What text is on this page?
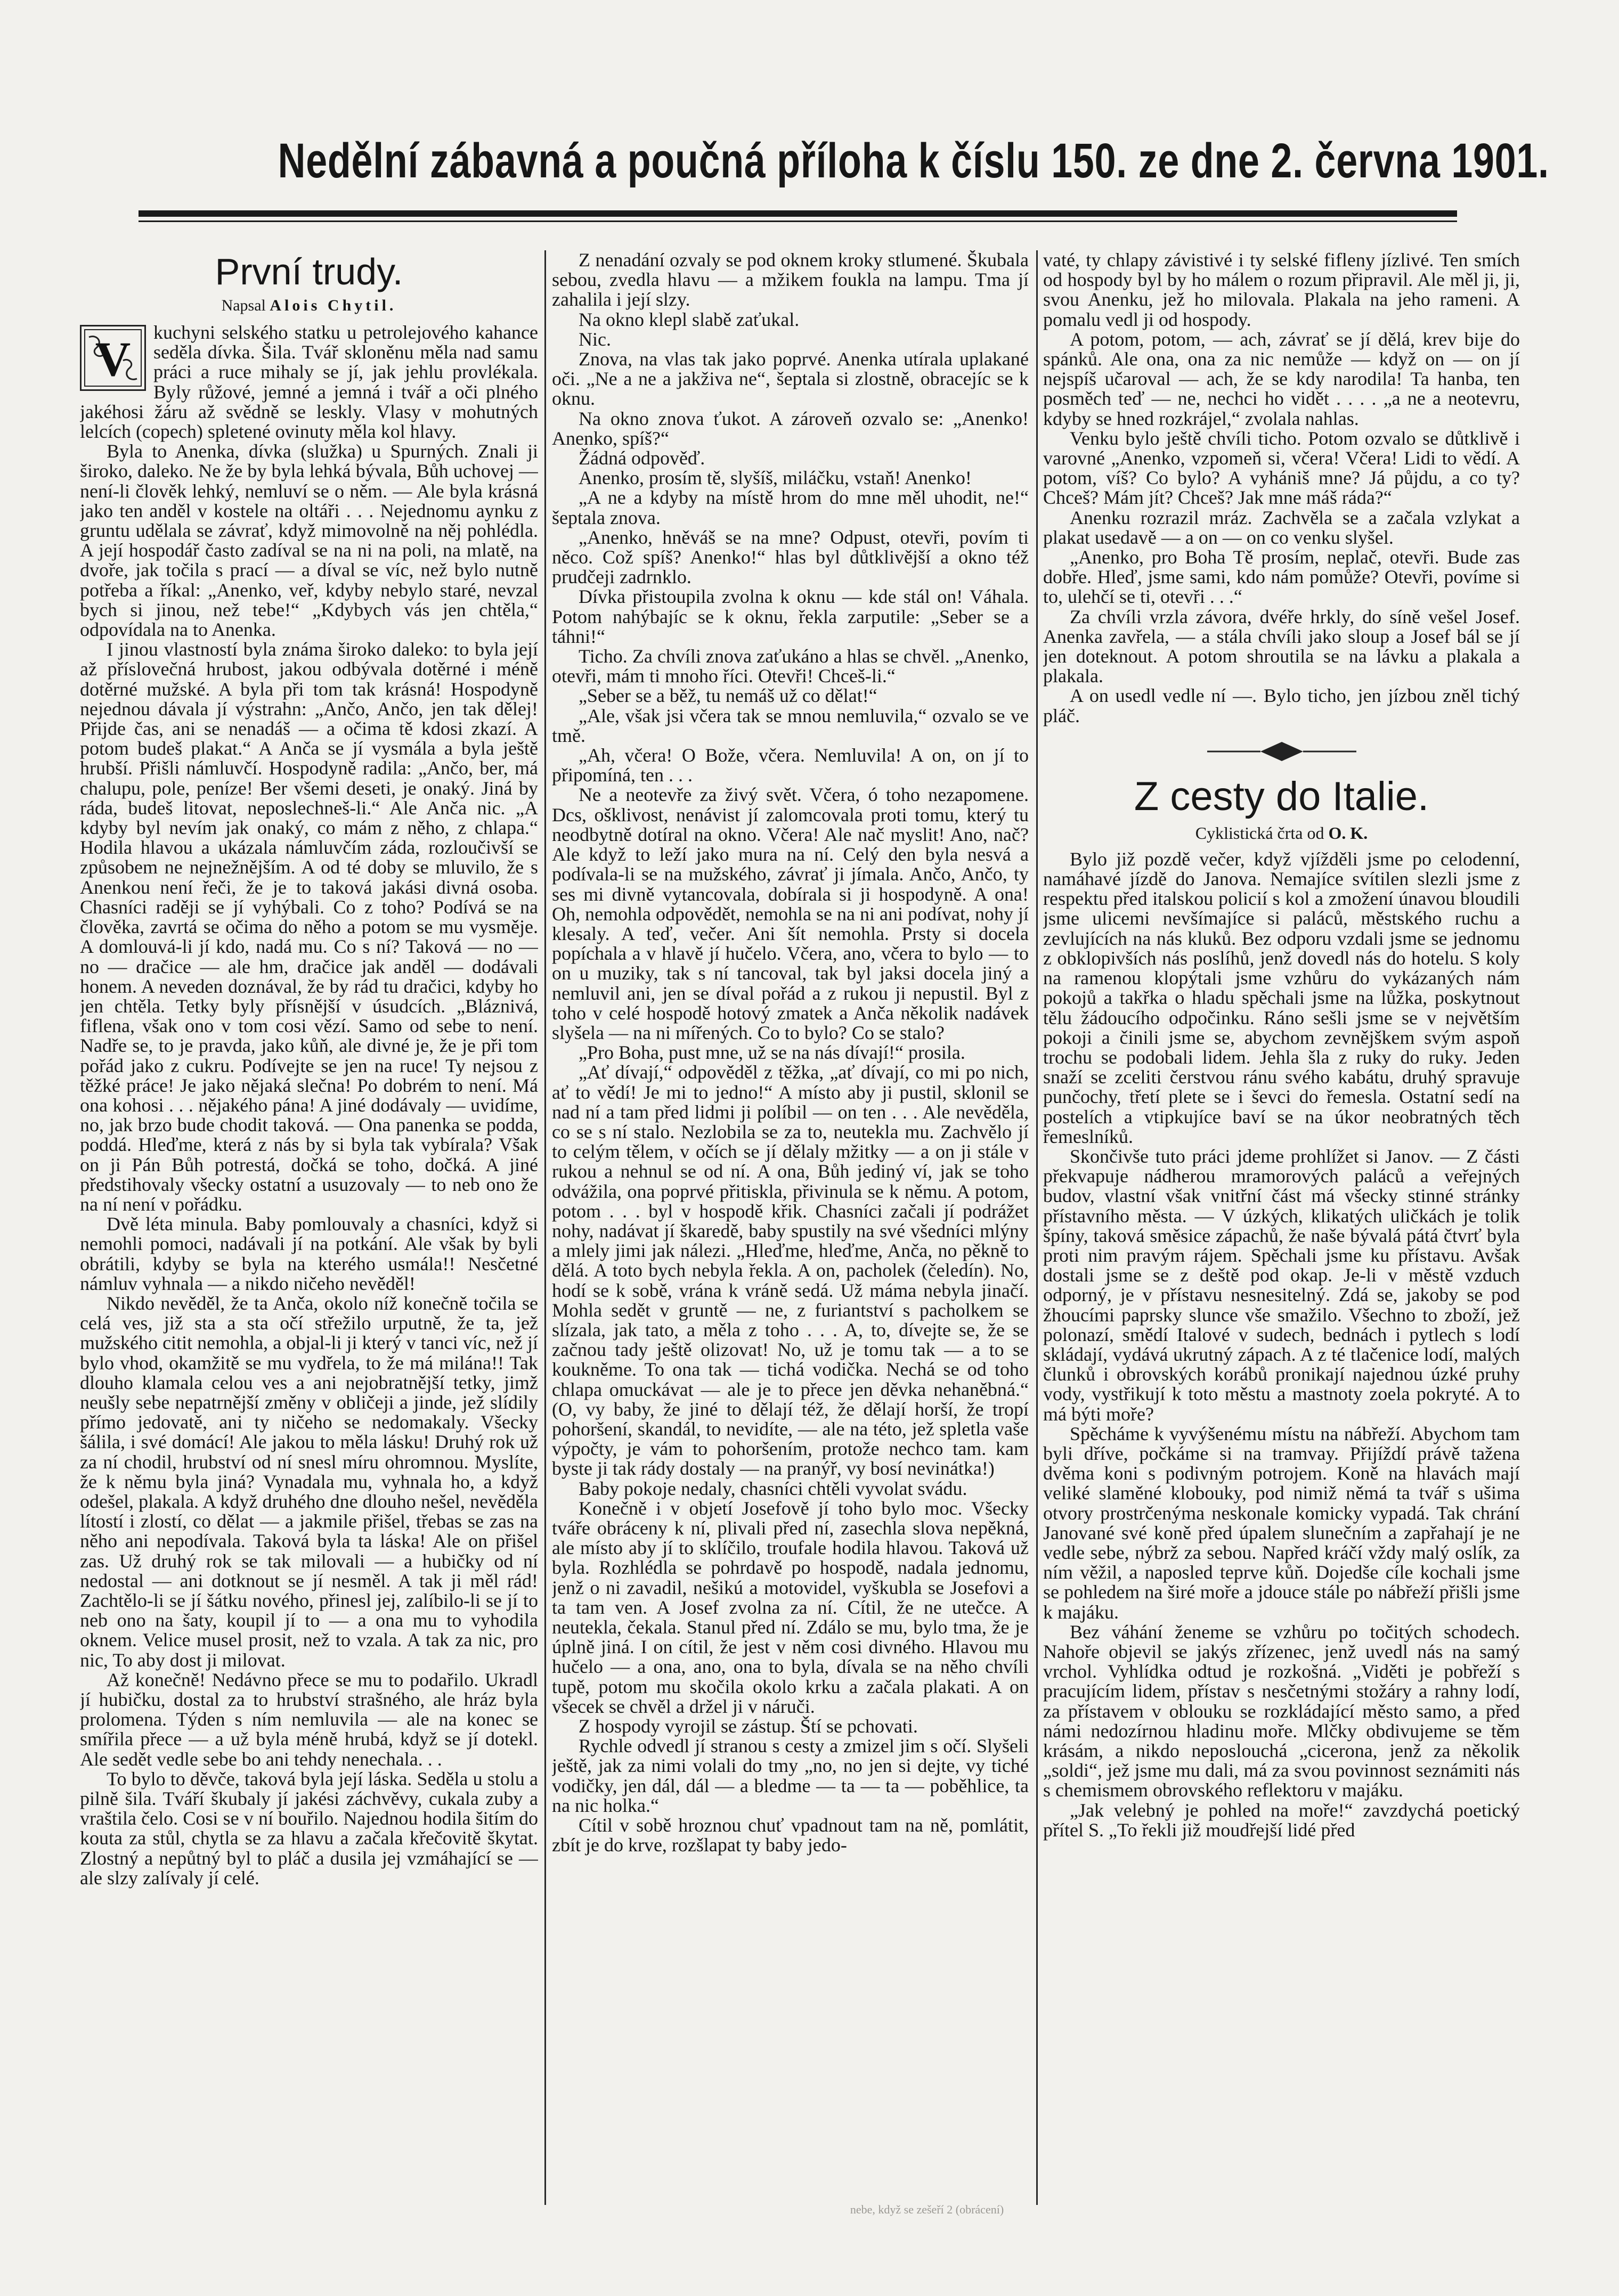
Nedělní zábavná a poučná příloha k číslu 150. ze dne 2. června 1901.
První trudy.
Napsal Alois Chytil.
V	kuchyni selského statku u petrolejového kahance seděla dívka. Šila. Tvář skloněnu měla nad samu práci a ruce mihaly se jí, jak jehlu provlékala. Byly růžové, jemné a jemná i tvář a oči plného jakéhosi žáru až svědně se leskly. Vlasy v mohutných lelcích (copech) spletené ovinuty měla kol hlavy.

Byla to Anenka, dívka (služka) u Spurných. Znali ji široko, daleko. Ne že by byla lehká bývala, Bůh uchovej — není-li člověk lehký, nemluví se o něm. — Ale byla krásná jako ten anděl v kostele na oltáři . . . Nejednomu aynku z gruntu udělala se závrať, když mimovolně na něj pohlédla. A její hospodář často zadíval se na ni na poli, na mlatě, na dvoře, jak točila s prací — a díval se víc, než bylo nutně potřeba a říkal: „Anenko, veř, kdyby nebylo staré, nevzal bych si jinou, než tebe!“ „Kdybych vás jen chtěla,“ odpovídala na to Anenka.

I jinou vlastností byla známa široko daleko: to byla její až příslovečná hrubost, jakou odbývala dotěrné i méně dotěrné mužské. A byla při tom tak krásná! Hospodyně nejednou dávala jí výstrahn: „Ančo, Ančo, jen tak dělej! Přijde čas, ani se nenadáš — a očima tě kdosi zkazí. A potom budeš plakat.“ A Anča se jí vysmála a byla ještě hrubší. Přišli námluvčí. Hospodyně radila: „Ančo, ber, má chalupu, pole, peníze! Ber všemi deseti, je onaký. Jiná by ráda, budeš litovat, neposlechneš-li.“ Ale Anča nic. „A kdyby byl nevím jak onaký, co mám z něho, z chlapa.“ Hodila hlavou a ukázala námluvčím záda, rozloučivší se způsobem ne nejnežnějším. A od té doby se mluvilo, že s Anenkou není řeči, že je to taková jakási divná osoba. Chasníci raději se jí vyhýbali. Co z toho? Podívá se na člověka, zavrtá se očima do něho a potom se mu vysměje. A domlouvá-li jí kdo, nadá mu. Co s ní? Taková — no — no — dračice — ale hm, dračice jak anděl — dodávali honem. A neveden doznával, že by rád tu dračici, kdyby ho jen chtěla. Tetky byly přísnější v úsudcích. „Bláznivá, fiflena, však ono v tom cosi vězí. Samo od sebe to není. Nadře se, to je pravda, jako kůň, ale divné je, že je při tom pořád jako z cukru. Podívejte se jen na ruce! Ty nejsou z těžké práce! Je jako nějaká slečna! Po dobrém to není. Má ona kohosi . . . nějakého pána! A jiné dodávaly — uvidíme, no, jak brzo bude chodit taková. — Ona panenka se podda, poddá. Hleďme, která z nás by si byla tak vybírala? Však on ji Pán Bůh potrestá, dočká se toho, dočká. A jiné předstihovaly všecky ostatní a usuzovaly — to neb ono že na ní není v pořádku.

Dvě léta minula. Baby pomlouvaly a chasníci, když si nemohli pomoci, nadávali jí na potkání. Ale však by byli obrátili, kdyby se byla na kterého usmála!! Nesčetné námluv vyhnala — a nikdo ničeho nevěděl!

Nikdo nevěděl, že ta Anča, okolo níž konečně točila se celá ves, již sta a sta očí střežilo urputně, že ta, jež mužského citit nemohla, a objal-li ji který v tanci víc, než jí bylo vhod, okamžitě se mu vydřela, to že má milána!! Tak dlouho klamala celou ves a ani nejobratnější tetky, jimž neušly sebe nepatrnější změny v obličeji a jinde, jež slídily přímo jedovatě, ani ty ničeho se nedomakaly. Všecky šálila, i své domácí! Ale jakou to měla lásku! Druhý rok už za ní chodil, hrubství od ní snesl míru ohromnou. Myslíte, že k němu byla jiná? Vynadala mu, vyhnala ho, a když odešel, plakala. A když druhého dne dlouho nešel, nevěděla lítostí i zlostí, co dělat — a jakmile přišel, třebas se zas na něho ani nepodívala. Taková byla ta láska! Ale on přišel zas. Už druhý rok se tak milovali — a hubičky od ní nedostal — ani dotknout se jí nesměl. A tak ji měl rád! Zachtělo-li se jí šátku nového, přinesl jej, zalíbilo-li se jí to neb ono na šaty, koupil jí to — a ona mu to vyhodila oknem. Velice musel prosit, než to vzala. A tak za nic, pro nic, To aby dost ji milovat.

Až konečně! Nedávno přece se mu to podařilo. Ukradl jí hubičku, dostal za to hrubství strašného, ale hráz byla prolomena. Týden s ním nemluvila — ale na konec se smířila přece — a už byla méně hrubá, když se jí dotekl. Ale sedět vedle sebe bo ani tehdy nenechala. . .

To bylo to děvče, taková byla její láska. Seděla u stolu a pilně šila. Tváří škubaly jí jakési záchvěvy, cukala zuby a vraštila čelo. Cosi se v ní bouřilo. Najednou hodila šitím do kouta za stůl, chytla se za hlavu a začala křečovitě škytat. Zlostný a nepůtný byl to pláč a dusila jej vzmáhající se — ale slzy zalívaly jí celé.

Z nenadání ozvaly se pod oknem kroky stlumené. Škubala sebou, zvedla hlavu — a mžikem foukla na lampu. Tma jí zahalila i její slzy.

Na okno klepl slabě zaťukal.

Nic.

Znova, na vlas tak jako poprvé. Anenka utírala uplakané oči. „Ne a ne a jakživa ne“, šeptala si zlostně, obracejíc se k oknu.

Na okno znova ťukot. A zároveň ozvalo se: „Anenko! Anenko, spíš?“

Žádná odpověď.

Anenko, prosím tě, slyšíš, miláčku, vstaň! Anenko!

„A ne a kdyby na místě hrom do mne měl uhodit, ne!“ šeptala znova.

„Anenko, hněváš se na mne? Odpust, otevři, povím ti něco. Což spíš? Anenko!“ hlas byl důtklivější a okno též prudčeji zadrnklo.

Dívka přistoupila zvolna k oknu — kde stál on! Váhala. Potom nahýbajíc se k oknu, řekla zarputile: „Seber se a táhni!“

Ticho. Za chvíli znova zaťukáno a hlas se chvěl. „Anenko, otevři, mám ti mnoho říci. Otevři! Chceš-li.“

„Seber se a běž, tu nemáš už co dělat!“

„Ale, však jsi včera tak se mnou nemluvila,“ ozvalo se ve tmě.

„Ah, včera! O Bože, včera. Nemluvila! A on, on jí to připomíná, ten . . .

Ne a neotevře za živý svět. Včera, ó toho nezapomene. Dcs, ošklivost, nenávist jí zalomcovala proti tomu, který tu neodbytně dotíral na okno. Včera! Ale nač myslit! Ano, nač? Ale když to leží jako mura na ní. Celý den byla nesvá a podívala-li se na mužského, závrať ji jímala. Ančo, Ančo, ty ses mi divně vytancovala, dobírala si ji hospodyně. A ona! Oh, nemohla odpovědět, nemohla se na ni ani podívat, nohy jí klesaly. A teď, večer. Ani šít nemohla. Prsty si docela popíchala a v hlavě jí hučelo. Včera, ano, včera to bylo — to on u muziky, tak s ní tancoval, tak byl jaksi docela jiný a nemluvil ani, jen se díval pořád a z rukou ji nepustil. Byl z toho v celé hospodě hotový zmatek a Anča několik nadávek slyšela — na ni mířených. Co to bylo? Co se stalo?

„Pro Boha, pust mne, už se na nás dívají!“ prosila.

„Ať dívají,“ odpověděl z těžka, „ať dívají, co mi po nich, ať to vědí! Je mi to jedno!“ A místo aby ji pustil, sklonil se nad ní a tam před lidmi ji políbil — on ten . . . Ale nevěděla, co se s ní stalo. Nezlobila se za to, neutekla mu. Zachvělo jí to celým tělem, v očích se jí dělaly mžitky — a on ji stále v rukou a nehnul se od ní. A ona, Bůh jediný ví, jak se toho odvážila, ona poprvé přitiskla, přivinula se k němu. A potom, potom . . . byl v hospodě křik. Chasníci začali jí podrážet nohy, nadávat jí škaredě, baby spustily na své všedníci mlýny a mlely jimi jak nálezi. „Hleďme, hleďme, Anča, no pěkně to dělá. A toto bych nebyla řekla. A on, pacholek (čeledín). No, hodí se k sobě, vrána k vráně sedá. Už máma nebyla jinačí. Mohla sedět v gruntě — ne, z furiantství s pacholkem se slízala, jak tato, a měla z toho . . . A, to, dívejte se, že se začnou tady ještě olizovat! No, už je tomu tak — a to se koukněme. To ona tak — tichá vodička. Nechá se od toho chlapa omuckávat — ale je to přece jen děvka nehaněbná.“ (O, vy baby, že jiné to dělají též, že dělají horší, že tropí pohoršení, skandál, to nevidíte, — ale na této, jež spletla vaše výpočty, je vám to pohoršením, protože nechco tam. kam byste ji tak rády dostaly — na pranýř, vy bosí nevinátka!)

Baby pokoje nedaly, chasníci chtěli vyvolat svádu.

Konečně i v objetí Josefově jí toho bylo moc. Všecky tváře obráceny k ní, plivali před ní, zasechla slova nepěkná, ale místo aby jí to sklíčilo, troufale hodila hlavou. Taková už byla. Rozhlédla se pohrdavě po hospodě, nadala jednomu, jenž o ni zavadil, nešikú a motovidel, vyškubla se Josefovi a ta tam ven. A Josef zvolna za ní. Cítil, že ne utečce. A neutekla, čekala. Stanul před ní. Zdálo se mu, bylo tma, že je úplně jiná. I on cítil, že jest v něm cosi divného. Hlavou mu hučelo — a ona, ano, ona to byla, dívala se na něho chvíli tupě, potom mu skočila okolo krku a začala plakati. A on všecek se chvěl a držel ji v náruči.

Z hospody vyrojil se zástup. Ští se pchovati.

Rychle odvedl jí stranou s cesty a zmizel jim s očí. Slyšeli ještě, jak za nimi volali do tmy „no, no jen si dejte, vy tiché vodičky, jen dál, dál — a bledme — ta — ta — poběhlice, ta na nic holka.“

Cítil v sobě hroznou chuť vpadnout tam na ně, pomlátit, zbít je do krve, rozšlapat ty baby jedo-

vaté, ty chlapy závistivé i ty selské fifleny jízlivé. Ten smích od hospody byl by ho málem o rozum připravil. Ale měl ji, ji, svou Anenku, jež ho milovala. Plakala na jeho rameni. A pomalu vedl ji od hospody.

A potom, potom, — ach, závrať se jí dělá, krev bije do spánků. Ale ona, ona za nic nemůže — když on — on jí nejspíš učaroval — ach, že se kdy narodila! Ta hanba, ten posměch teď — ne, nechci ho vidět . . . . „a ne a neotevru, kdyby se hned rozkrájel,“ zvolala nahlas.

Venku bylo ještě chvíli ticho. Potom ozvalo se důtklivě i varovné „Anenko, vzpomeň si, včera! Včera! Lidi to vědí. A potom, víš? Co bylo? A vyhániš mne? Já půjdu, a co ty? Chceš? Mám jít? Chceš? Jak mne máš ráda?“

Anenku rozrazil mráz. Zachvěla se a začala vzlykat a plakat usedavě — a on — on co venku slyšel.

„Anenko, pro Boha Tě prosím, neplač, otevři. Bude zas dobře. Hleď, jsme sami, kdo nám pomůže? Otevři, povíme si to, ulehčí se ti, otevři . . .“

Za chvíli vrzla závora, dvéře hrkly, do síně vešel Josef. Anenka zavřela, — a stála chvíli jako sloup a Josef bál se jí jen doteknout. A potom shroutila se na lávku a plakala a plakala.

A on usedl vedle ní —. Bylo ticho, jen jízbou zněl tichý pláč.

Z cesty do Italie.
Cyklistická črta od O. K.

Bylo již pozdě večer, když vjížděli jsme po celodenní, namáhavé jízdě do Janova. Nemajíce svítilen slezli jsme z respektu před italskou policií s kol a zmožení únavou bloudili jsme ulicemi nevšímajíce si paláců, městského ruchu a zevlujících na nás kluků. Bez odporu vzdali jsme se jednomu z obklopivších nás poslíhů, jenž dovedl nás do hotelu. S koly na ramenou klopýtali jsme vzhůru do vykázaných nám pokojů a takřka o hladu spěchali jsme na lůžka, poskytnout tělu žádoucího odpočinku. Ráno sešli jsme se v největším pokoji a činili jsme se, abychom zevnějškem svým aspoň trochu se podobali lidem. Jehla šla z ruky do ruky. Jeden snaží se zceliti čerstvou ránu svého kabátu, druhý spravuje punčochy, třetí plete se i ševci do řemesla. Ostatní sedí na postelích a vtipkujíce baví se na úkor neobratných těch řemeslníků.

Skončivše tuto práci jdeme prohlížet si Janov. — Z části překvapuje nádherou mramorových paláců a veřejných budov, vlastní však vnitřní část má všecky stinné stránky přístavního města. — V úzkých, klikatých uličkách je tolik špíny, taková směsice zápachů, že naše bývalá pátá čtvrť byla proti nim pravým rájem. Spěchali jsme ku přístavu. Avšak dostali jsme se z deště pod okap. Je-li v městě vzduch odporný, je v přístavu nesnesitelný. Zdá se, jakoby se pod žhoucími paprsky slunce vše smažilo. Všechno to zboží, jež polonazí, smědí Italové v sudech, bednách i pytlech s lodí skládají, vydává ukrutný zápach. A z té tlačenice lodí, malých člunků i obrovských korábů pronikají najednou úzké pruhy vody, vystřikují k toto městu a mastnoty zoela pokryté. A to má býti moře?

Spěcháme k vyvýšenému místu na nábřeží. Abychom tam byli dříve, počkáme si na tramvay. Přijíždí právě tažena dvěma koni s podivným potrojem. Koně na hlavách mají veliké slaměné klobouky, pod nimiž němá ta tvář s ušima otvory prostrčenýma neskonale komicky vypadá. Tak chrání Janované své koně před úpalem slunečním a zapřahají je ne vedle sebe, nýbrž za sebou. Napřed kráčí vždy malý oslík, za ním věžil, a naposled teprve kůň. Dojedše cíle kochali jsme se pohledem na širé moře a jdouce stále po nábřeží přišli jsme k majáku.

Bez váhání ženeme se vzhůru po točitých schodech. Nahoře objevil se jakýs zřízenec, jenž uvedl nás na samý vrchol. Vyhlídka odtud je rozkošná. „Viděti je pobřeží s pracujícím lidem, přístav s nesčetnými stožáry a rahny lodí, za přístavem v oblouku se rozkládající město samo, a před námi nedozírnou hladinu moře. Mlčky obdivujeme se těm krásám, a nikdo neposlouchá „cicerona, jenž za několik „soldi“, jež jsme mu dali, má za svou povinnost seznámiti nás s chemismem obrovského reflektoru v majáku.

„Jak velebný je pohled na moře!“ zavzdychá poetický přítel S. „To řekli již moudřejší lidé před

nebe, když se zešeří 2 (obrácení)
